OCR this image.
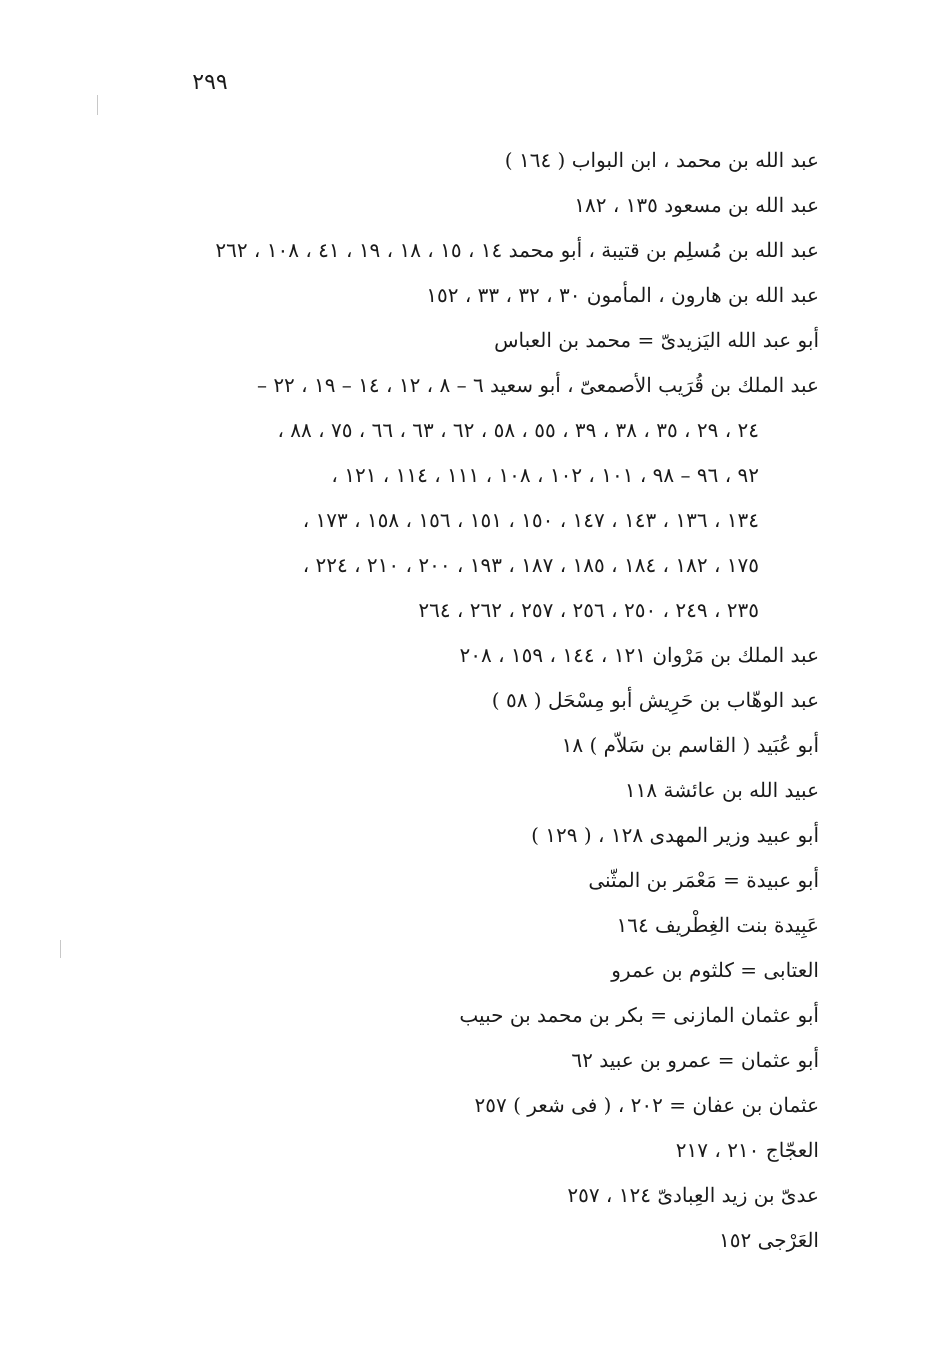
٢٩٩
عبد الله بن محمد ، ابن البواب ( ١٦٤ )
عبد الله بن مسعود ١٣٥ ، ١٨٢
عبد الله بن مُسلِم بن قتيبة ، أبو محمد ١٤ ، ١٥ ، ١٨ ، ١٩ ، ٤١ ، ١٠٨ ، ٢٦٢
عبد الله بن هارون ، المأمون ٣٠ ، ٣٢ ، ٣٣ ، ١٥٢
أبو عبد الله اليَزيدىّ = محمد بن العباس
عبد الملك بن قُرَيب الأصمعىّ ، أبو سعيد ٦ – ٨ ، ١٢ ، ١٤ – ١٩ ، ٢٢ –
٢٤ ، ٢٩ ، ٣٥ ، ٣٨ ، ٣٩ ، ٥٥ ، ٥٨ ، ٦٢ ، ٦٣ ، ٦٦ ، ٧٥ ، ٨٨ ،
٩٢ ، ٩٦ – ٩٨ ، ١٠١ ، ١٠٢ ، ١٠٨ ، ١١١ ، ١١٤ ، ١٢١ ،
١٣٤ ، ١٣٦ ، ١٤٣ ، ١٤٧ ، ١٥٠ ، ١٥١ ، ١٥٦ ، ١٥٨ ، ١٧٣ ،
١٧٥ ، ١٨٢ ، ١٨٤ ، ١٨٥ ، ١٨٧ ، ١٩٣ ، ٢٠٠ ، ٢١٠ ، ٢٢٤ ،
٢٣٥ ، ٢٤٩ ، ٢٥٠ ، ٢٥٦ ، ٢٥٧ ، ٢٦٢ ، ٢٦٤
عبد الملك بن مَرْوان ١٢١ ، ١٤٤ ، ١٥٩ ، ٢٠٨
عبد الوهّاب بن حَرِيش أبو مِسْحَل ( ٥٨ )
أبو عُبَيد ( القاسم بن سَلاّم ) ١٨
عبيد الله بن عائشة ١١٨
أبو عبيد وزير المهدى ١٢٨ ، ( ١٢٩ )
أبو عبيدة = مَعْمَر بن المثّنى
عَبِيدة بنت الغِطْريف ١٦٤
العتابى = كلثوم بن عمرو
أبو عثمان المازنى = بكر بن محمد بن حبيب
أبو عثمان = عمرو بن عبيد ٦٢
عثمان بن عفان = ٢٠٢ ، ( فى شعر ) ٢٥٧
العجّاج ٢١٠ ، ٢١٧
عدىّ بن زيد العِبادىّ ١٢٤ ، ٢٥٧
العَرْجى ١٥٢
